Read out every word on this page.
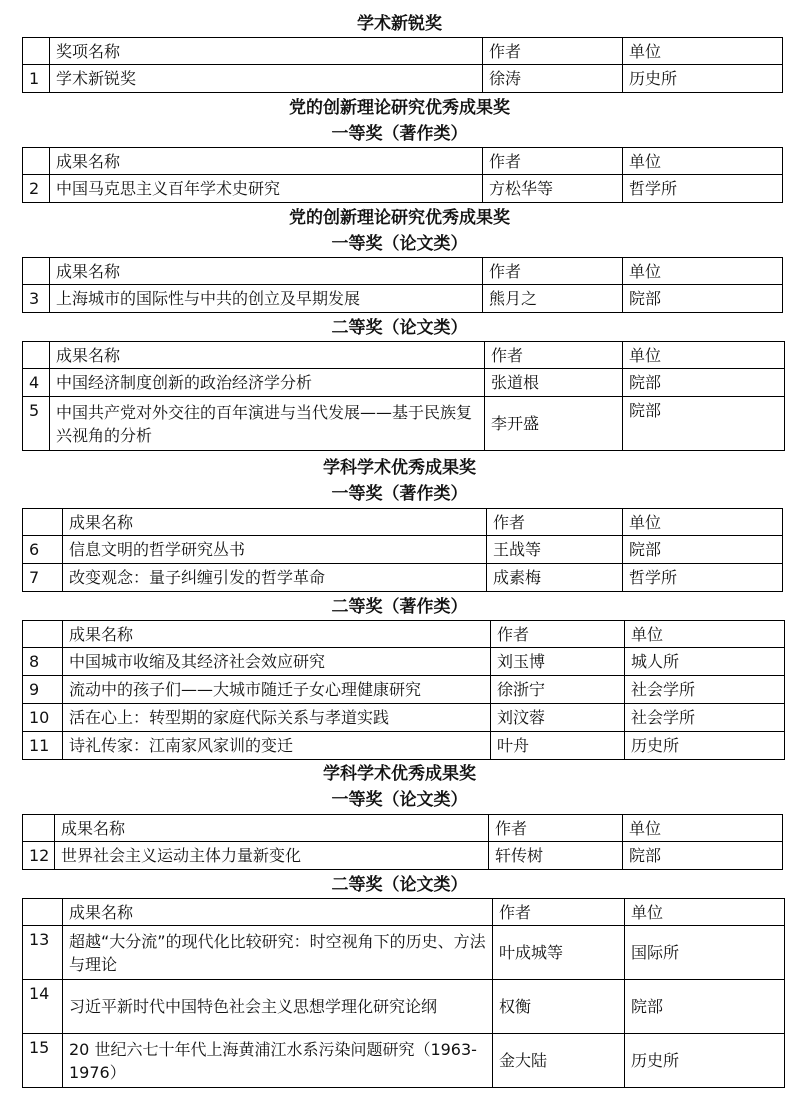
学术新锐奖
	奖项名称	作者	单位
1	学术新锐奖	徐涛	历史所
党的创新理论研究优秀成果奖
一等奖（著作类）
	成果名称	作者	单位
2	中国马克思主义百年学术史研究	方松华等	哲学所
党的创新理论研究优秀成果奖
一等奖（论文类）
	成果名称	作者	单位
3	上海城市的国际性与中共的创立及早期发展	熊月之	院部
二等奖（论文类）
	成果名称	作者	单位
4	中国经济制度创新的政治经济学分析	张道根	院部
5	中国共产党对外交往的百年演进与当代发展——基于民族复兴视角的分析	李开盛	院部
学科学术优秀成果奖
一等奖（著作类）
	成果名称	作者	单位
6	信息文明的哲学研究丛书	王战等	院部
7	改变观念：量子纠缠引发的哲学革命	成素梅	哲学所
二等奖（著作类）
	成果名称	作者	单位
8	中国城市收缩及其经济社会效应研究	刘玉博	城人所
9	流动中的孩子们——大城市随迁子女心理健康研究	徐浙宁	社会学所
10	活在心上：转型期的家庭代际关系与孝道实践	刘汶蓉	社会学所
11	诗礼传家：江南家风家训的变迁	叶舟	历史所
学科学术优秀成果奖
一等奖（论文类）
	成果名称	作者	单位
12	世界社会主义运动主体力量新变化	轩传树	院部
二等奖（论文类）
	成果名称	作者	单位
13	超越“大分流”的现代化比较研究：时空视角下的历史、方法与理论	叶成城等	国际所
14	习近平新时代中国特色社会主义思想学理化研究论纲	权衡	院部
15	20 世纪六七十年代上海黄浦江水系污染问题研究（1963-1976）	金大陆	历史所
